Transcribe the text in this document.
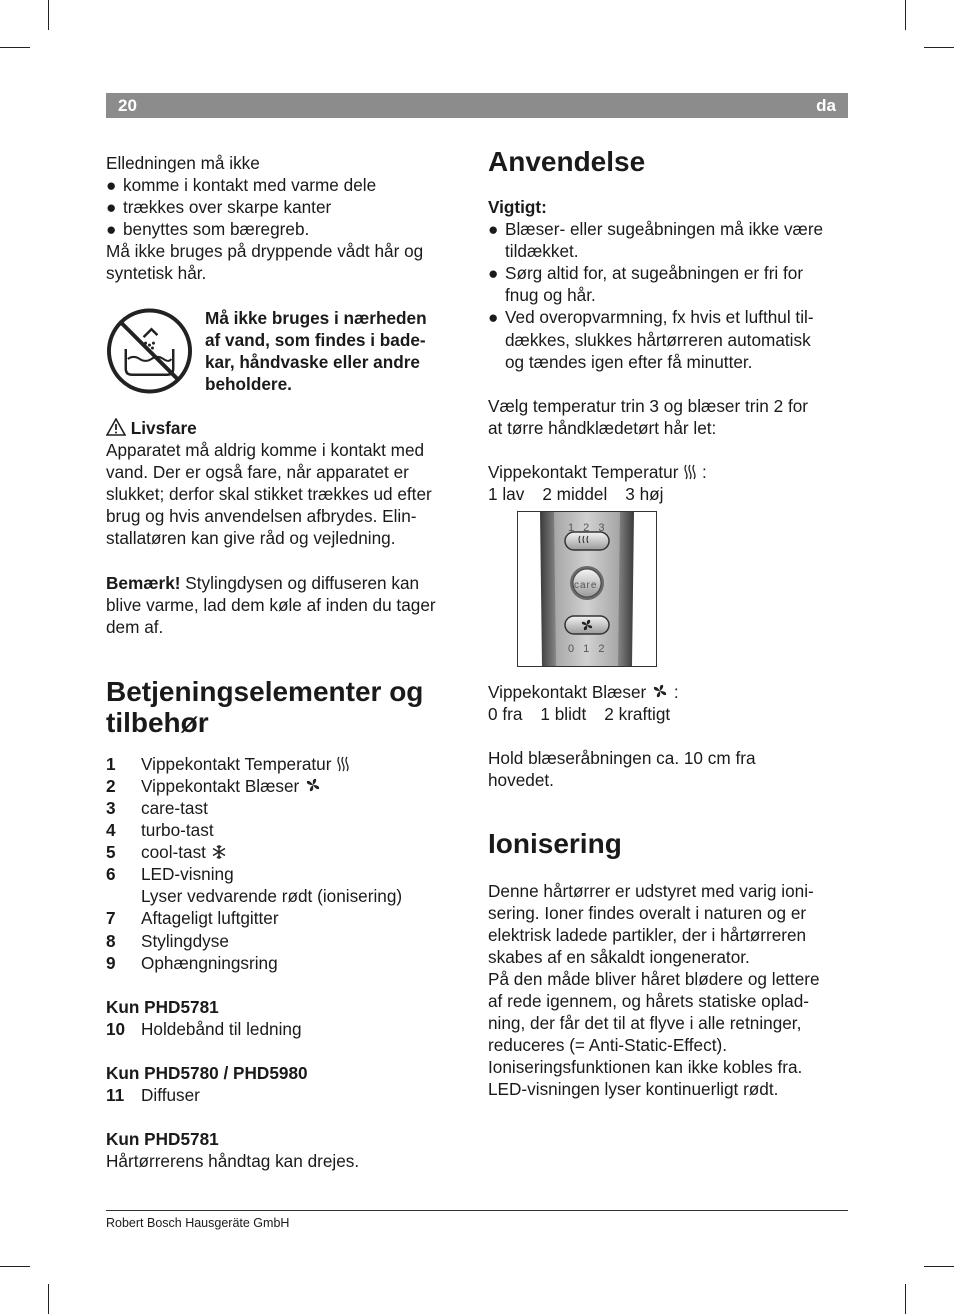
20	da

Elledningen må ikke

● komme i kontakt med varme dele
● trækkes over skarpe kanter
● benyttes som bæregreb.

Må ikke bruges på dryppende vådt hår og

syntetisk hår.

Må ikke bruges i nærheden

af vand, som findes i bade-

kar, håndvaske eller andre

beholdere.

Livsfare

Apparatet må aldrig komme i kontakt med

vand. Der er også fare, når apparatet er

slukket; derfor skal stikket trækkes ud efter

brug og hvis anvendelsen afbrydes. Elin-

stallatøren kan give råd og vejledning.

Bemærk! Stylingdysen og diffuseren kan

blive varme, lad dem køle af inden du tager

dem af.

Betjeningselementer og
tilbehør
1	Vippekontakt Temperatur
2	Vippekontakt Blæser
3	care-tast
4	turbo-tast
5	cool-tast
6	LED-visning
Lyser vedvarende rødt (ionisering)
7	Aftageligt luftgitter
8	Stylingdyse
9	Ophængningsring

Kun PHD5781

10 Holdebånd til ledning

Kun PHD5780 / PHD5980

11 Diffuser

Kun PHD5781

Hårtørrerens håndtag kan drejes.

Anvendelse

Vigtigt:

● Blæser- eller sugeåbningen må ikke være
tildækket.
● Sørg altid for, at sugeåbningen er fri for
fnug og hår.
● Ved overopvarmning, fx hvis et lufthul til-
dækkes, slukkes hårtørreren automatisk
og tændes igen efter få minutter.

Vælg temperatur trin 3 og blæser trin 2 for

at tørre håndklædetørt hår let:

Vippekontakt Temperatur  :

1 lav 2 middel 3 høj

1 2 3
care
0 1 2

Vippekontakt Blæser  :

0 fra 1 blidt 2 kraftigt

Hold blæseråbningen ca. 10 cm fra

hovedet.

Ionisering

Denne hårtørrer er udstyret med varig ioni-

sering. Ioner findes overalt i naturen og er

elektrisk ladede partikler, der i hårtørreren

skabes af en såkaldt iongenerator.

På den måde bliver håret blødere og lettere

af rede igennem, og hårets statiske oplad-

ning, der får det til at flyve i alle retninger,

reduceres (= Anti-Static-Effect).

Ioniseringsfunktionen kan ikke kobles fra.

LED-visningen lyser kontinuerligt rødt.

Robert Bosch Hausgeräte GmbH
